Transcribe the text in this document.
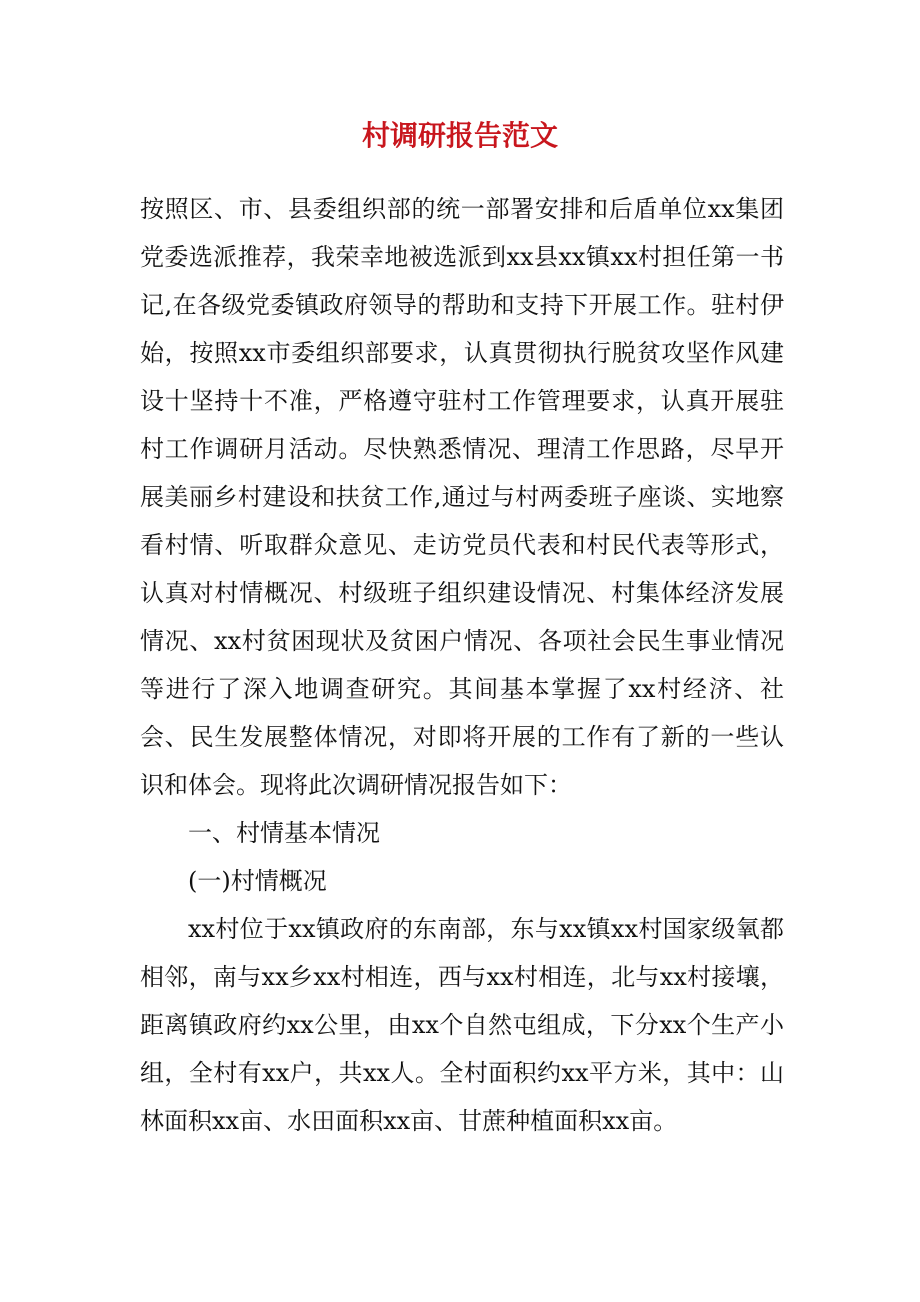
村调研报告范文

按照区、市、县委组织部的统一部署安排和后盾单位xx集团党委选派推荐，我荣幸地被选派到xx县xx镇xx村担任第一书记,在各级党委镇政府领导的帮助和支持下开展工作。驻村伊始，按照xx市委组织部要求，认真贯彻执行脱贫攻坚作风建设十坚持十不准，严格遵守驻村工作管理要求，认真开展驻村工作调研月活动。尽快熟悉情况、理清工作思路，尽早开展美丽乡村建设和扶贫工作,通过与村两委班子座谈、实地察看村情、听取群众意见、走访党员代表和村民代表等形式，认真对村情概况、村级班子组织建设情况、村集体经济发展情况、xx村贫困现状及贫困户情况、各项社会民生事业情况等进行了深入地调查研究。其间基本掌握了xx村经济、社会、民生发展整体情况，对即将开展的工作有了新的一些认识和体会。现将此次调研情况报告如下：

一、村情基本情况

(一)村情概况

xx村位于xx镇政府的东南部，东与xx镇xx村国家级氧都相邻，南与xx乡xx村相连，西与xx村相连，北与xx村接壤，距离镇政府约xx公里，由xx个自然屯组成，下分xx个生产小组，全村有xx户，共xx人。全村面积约xx平方米，其中：山林面积xx亩、水田面积xx亩、甘蔗种植面积xx亩。
